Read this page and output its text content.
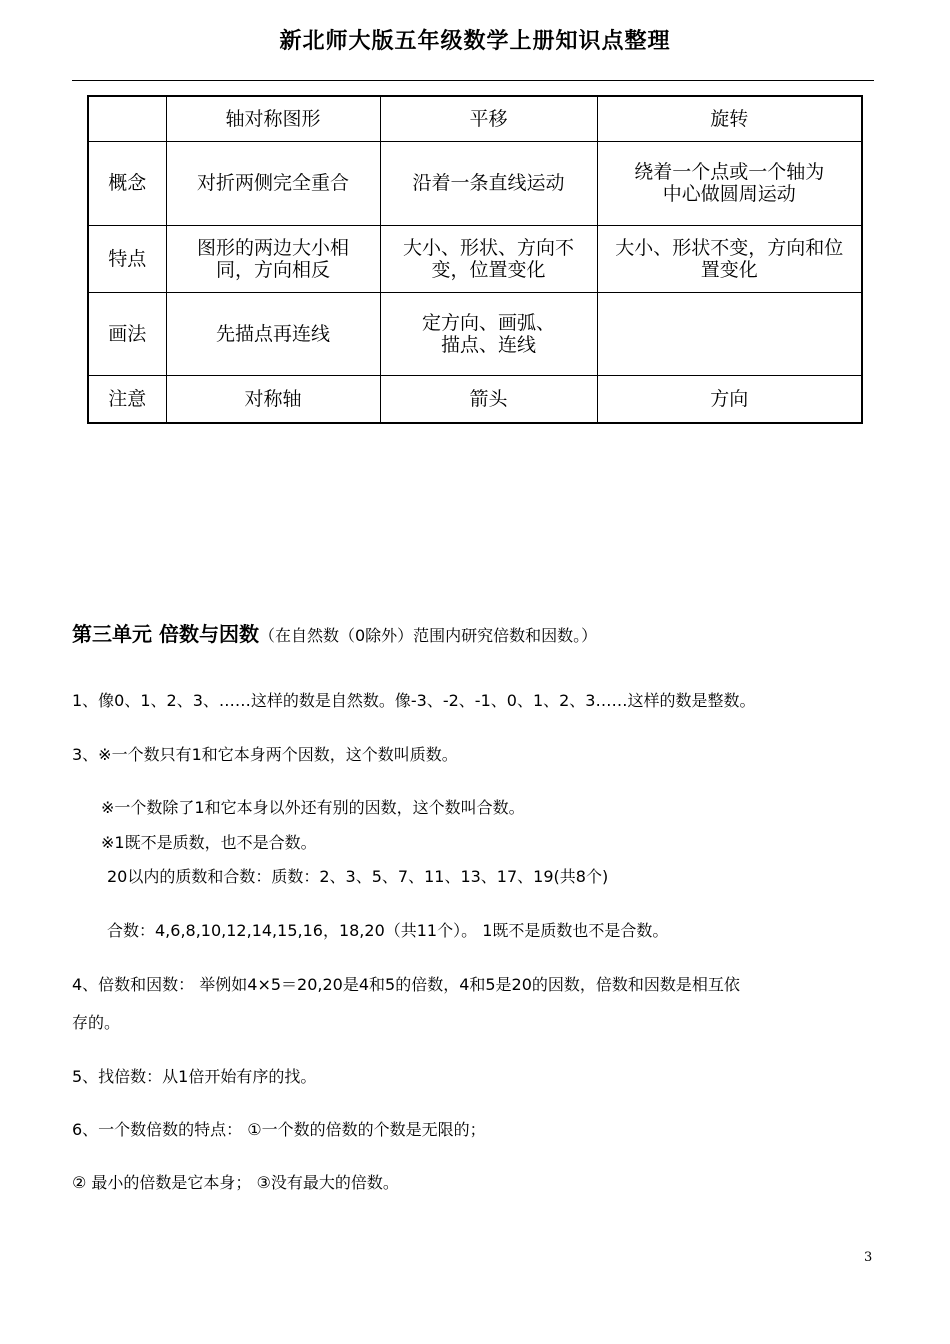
新北师大版五年级数学上册知识点整理
	轴对称图形	平移	旋转
概念	对折两侧完全重合	沿着一条直线运动	绕着一个点或一个轴为中心做圆周运动
特点	图形的两边大小相同，方向相反	大小、形状、方向不变，位置变化	大小、形状不变，方向和位置变化
画法	先描点再连线	定方向、画弧、描点、连线	
注意	对称轴	箭头	方向
第三单元 倍数与因数（在自然数（0除外）范围内研究倍数和因数。）
1、像0、1、2、3、……这样的数是自然数。像-3、-2、-1、0、1、2、3……这样的数是整数。
3、※一个数只有1和它本身两个因数，这个数叫质数。
※一个数除了1和它本身以外还有别的因数，这个数叫合数。
※1既不是质数，也不是合数。
20以内的质数和合数：质数：2、3、5、7、11、13、17、19(共8个)
合数：4,6,8,10,12,14,15,16，18,20（共11个）。 1既不是质数也不是合数。
4、倍数和因数： 举例如4×5＝20,20是4和5的倍数，4和5是20的因数，倍数和因数是相互依
存的。
5、找倍数：从1倍开始有序的找。
6、一个数倍数的特点： ①一个数的倍数的个数是无限的；
② 最小的倍数是它本身； ③没有最大的倍数。
3
